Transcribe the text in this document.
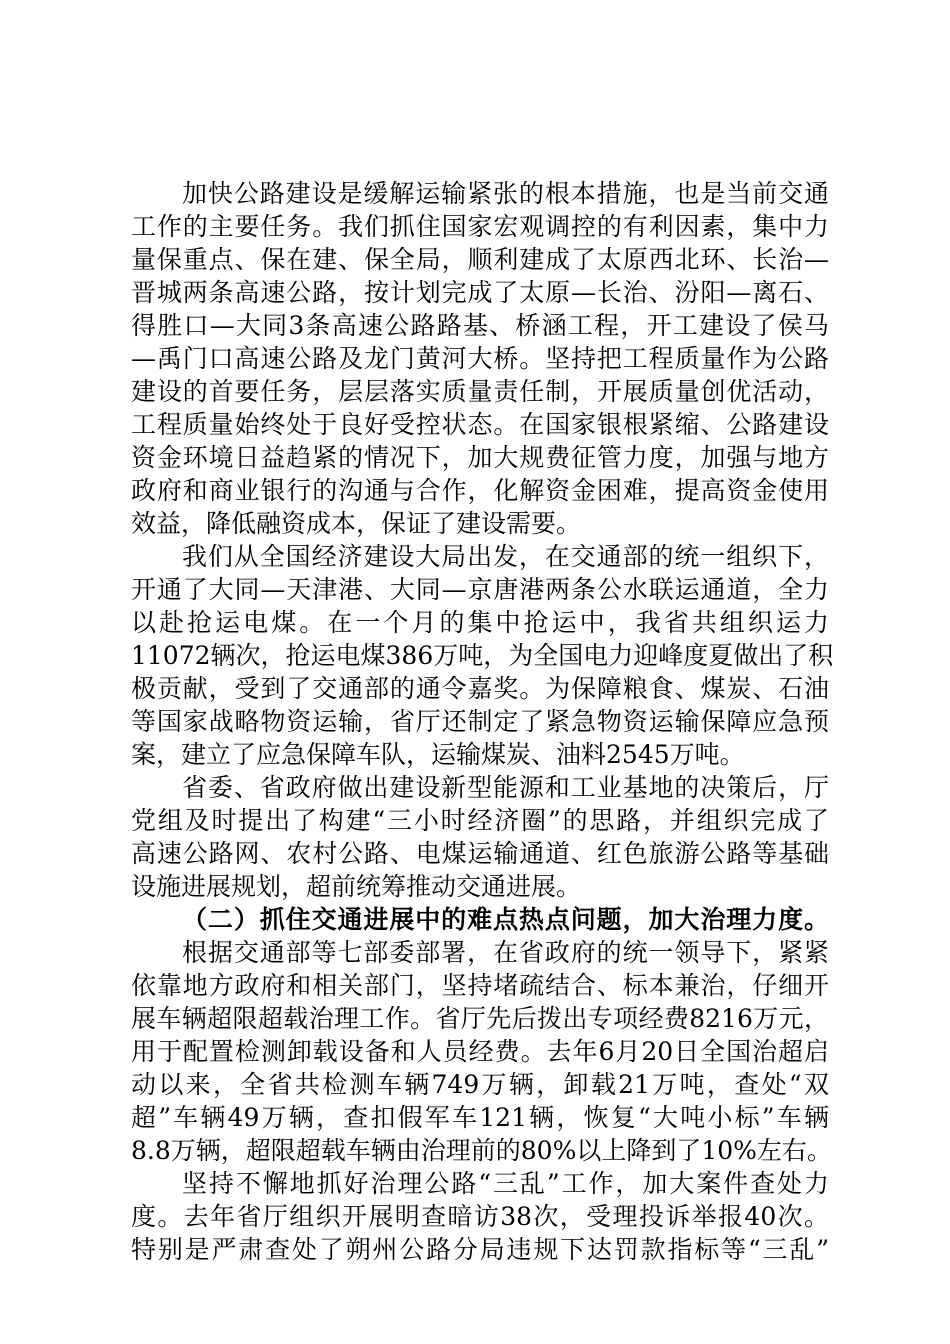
加快公路建设是缓解运输紧张的根本措施，也是当前交通
工作的主要任务。我们抓住国家宏观调控的有利因素，集中力
量保重点、保在建、保全局，顺利建成了太原西北环、长治—
晋城两条高速公路，按计划完成了太原—长治、汾阳—离石、
得胜口—大同3条高速公路路基、桥涵工程，开工建设了侯马
—禹门口高速公路及龙门黄河大桥。坚持把工程质量作为公路
建设的首要任务，层层落实质量责任制，开展质量创优活动，
工程质量始终处于良好受控状态。在国家银根紧缩、公路建设
资金环境日益趋紧的情况下，加大规费征管力度，加强与地方
政府和商业银行的沟通与合作，化解资金困难，提高资金使用
效益，降低融资成本，保证了建设需要。
我们从全国经济建设大局出发，在交通部的统一组织下，
开通了大同—天津港、大同—京唐港两条公水联运通道，全力
以赴抢运电煤。在一个月的集中抢运中，我省共组织运力
11072辆次，抢运电煤386万吨，为全国电力迎峰度夏做出了积
极贡献，受到了交通部的通令嘉奖。为保障粮食、煤炭、石油
等国家战略物资运输，省厅还制定了紧急物资运输保障应急预
案，建立了应急保障车队，运输煤炭、油料2545万吨。
省委、省政府做出建设新型能源和工业基地的决策后，厅
党组及时提出了构建“三小时经济圈”的思路，并组织完成了
高速公路网、农村公路、电煤运输通道、红色旅游公路等基础
设施进展规划，超前统筹推动交通进展。
（二）抓住交通进展中的难点热点问题，加大治理力度。
根据交通部等七部委部署，在省政府的统一领导下，紧紧
依靠地方政府和相关部门，坚持堵疏结合、标本兼治，仔细开
展车辆超限超载治理工作。省厅先后拨出专项经费8216万元，
用于配置检测卸载设备和人员经费。去年6月20日全国治超启
动以来，全省共检测车辆749万辆，卸载21万吨，查处“双
超”车辆49万辆，查扣假军车121辆，恢复“大吨小标”车辆
8.8万辆，超限超载车辆由治理前的80%以上降到了10%左右。
坚持不懈地抓好治理公路“三乱”工作，加大案件查处力
度。去年省厅组织开展明查暗访38次，受理投诉举报40次。
特别是严肃查处了朔州公路分局违规下达罚款指标等“三乱”
